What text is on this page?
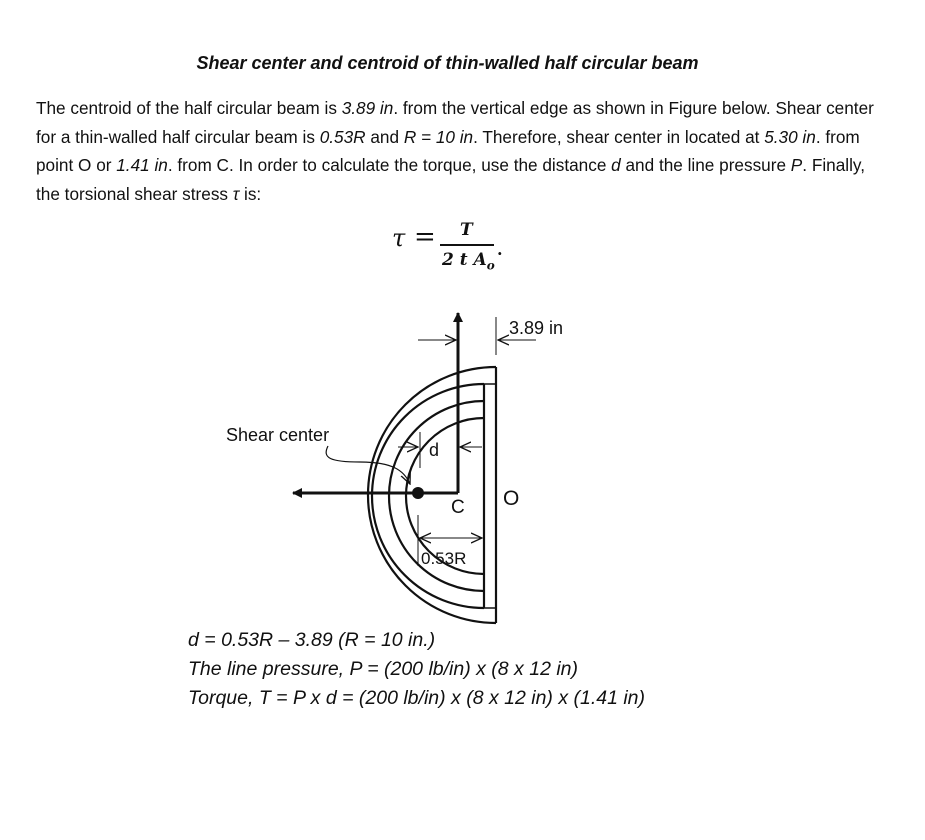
Shear center and centroid of thin-walled half circular beam
The centroid of the half circular beam is 3.89 in. from the vertical edge as shown in Figure below. Shear center for a thin-walled half circular beam is 0.53R and R = 10 in. Therefore, shear center in located at 5.30 in. from point O or 1.41 in. from C. In order to calculate the torque, use the distance d and the line pressure P. Finally, the torsional shear stress τ is:
τ = T
2 t $A_o$
.
3.89 in
d
Shear center
C O
0.53R
d = 0.53R – 3.89 (R = 10 in.)
The line pressure, P = (200 lb/in) x (8 x 12 in)
Torque, T = P x d = (200 lb/in) x (8 x 12 in) x (1.41 in)
